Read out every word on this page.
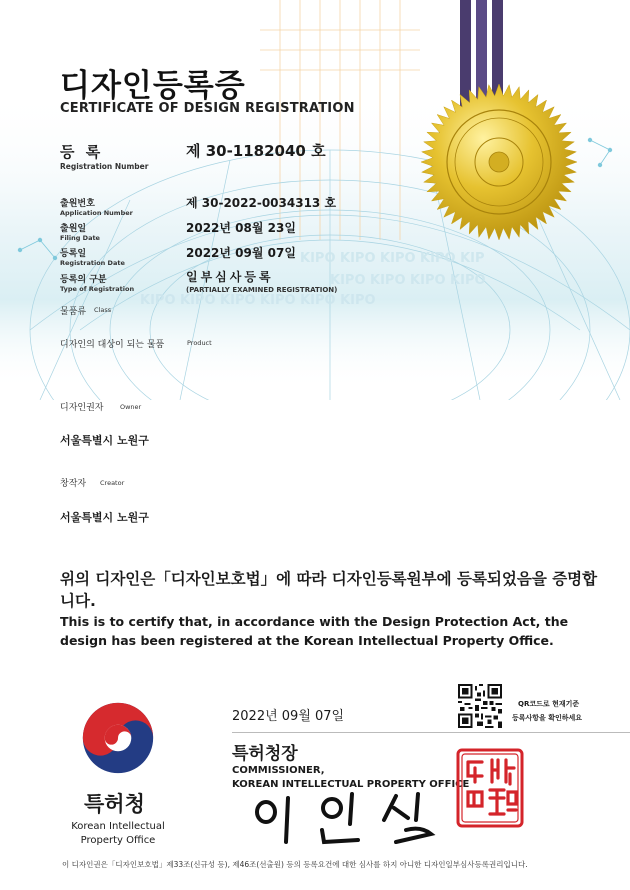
KIPO KIPO KIPO KIPO KIP
KIPO KIPO KIPO KIPO
KIPO KIPO KIPO KIPO KIPO KIPO
디자인등록증
CERTIFICATE OF DESIGN REGISTRATION
등 록
Registration Number
제 30-1182040 호
출원번호
Application Number
제 30-2022-0034313 호
출원일
Filing Date
2022년 08월 23일
등록일
Registration Date
2022년 09월 07일
등록의 구분
Type of Registration
일부심사등록
(PARTIALLY EXAMINED REGISTRATION)
물품류 Class
디자인의 대상이 되는 물품	Product
디자인권자	Owner
서울특별시 노원구
창작자 Creator
서울특별시 노원구
위의 디자인은「디자인보호법」에 따라 디자인등록원부에 등록되었음을 증명합니다.
This is to certify that, in accordance with the Design Protection Act, the design has been registered at the Korean Intellectual Property Office.
특허청
Korean Intellectual
Property Office
2022년 09월 07일
특허청장
COMMISSIONER,
KOREAN INTELLECTUAL PROPERTY OFFICE
QR코드로 현재기준
등록사항을 확인하세요
이 디자인권은「디자인보호법」제33조(신규성 등), 제46조(선출원) 등의 등록요건에 대한 심사를 하지 아니한 디자인일부심사등록권리입니다.
